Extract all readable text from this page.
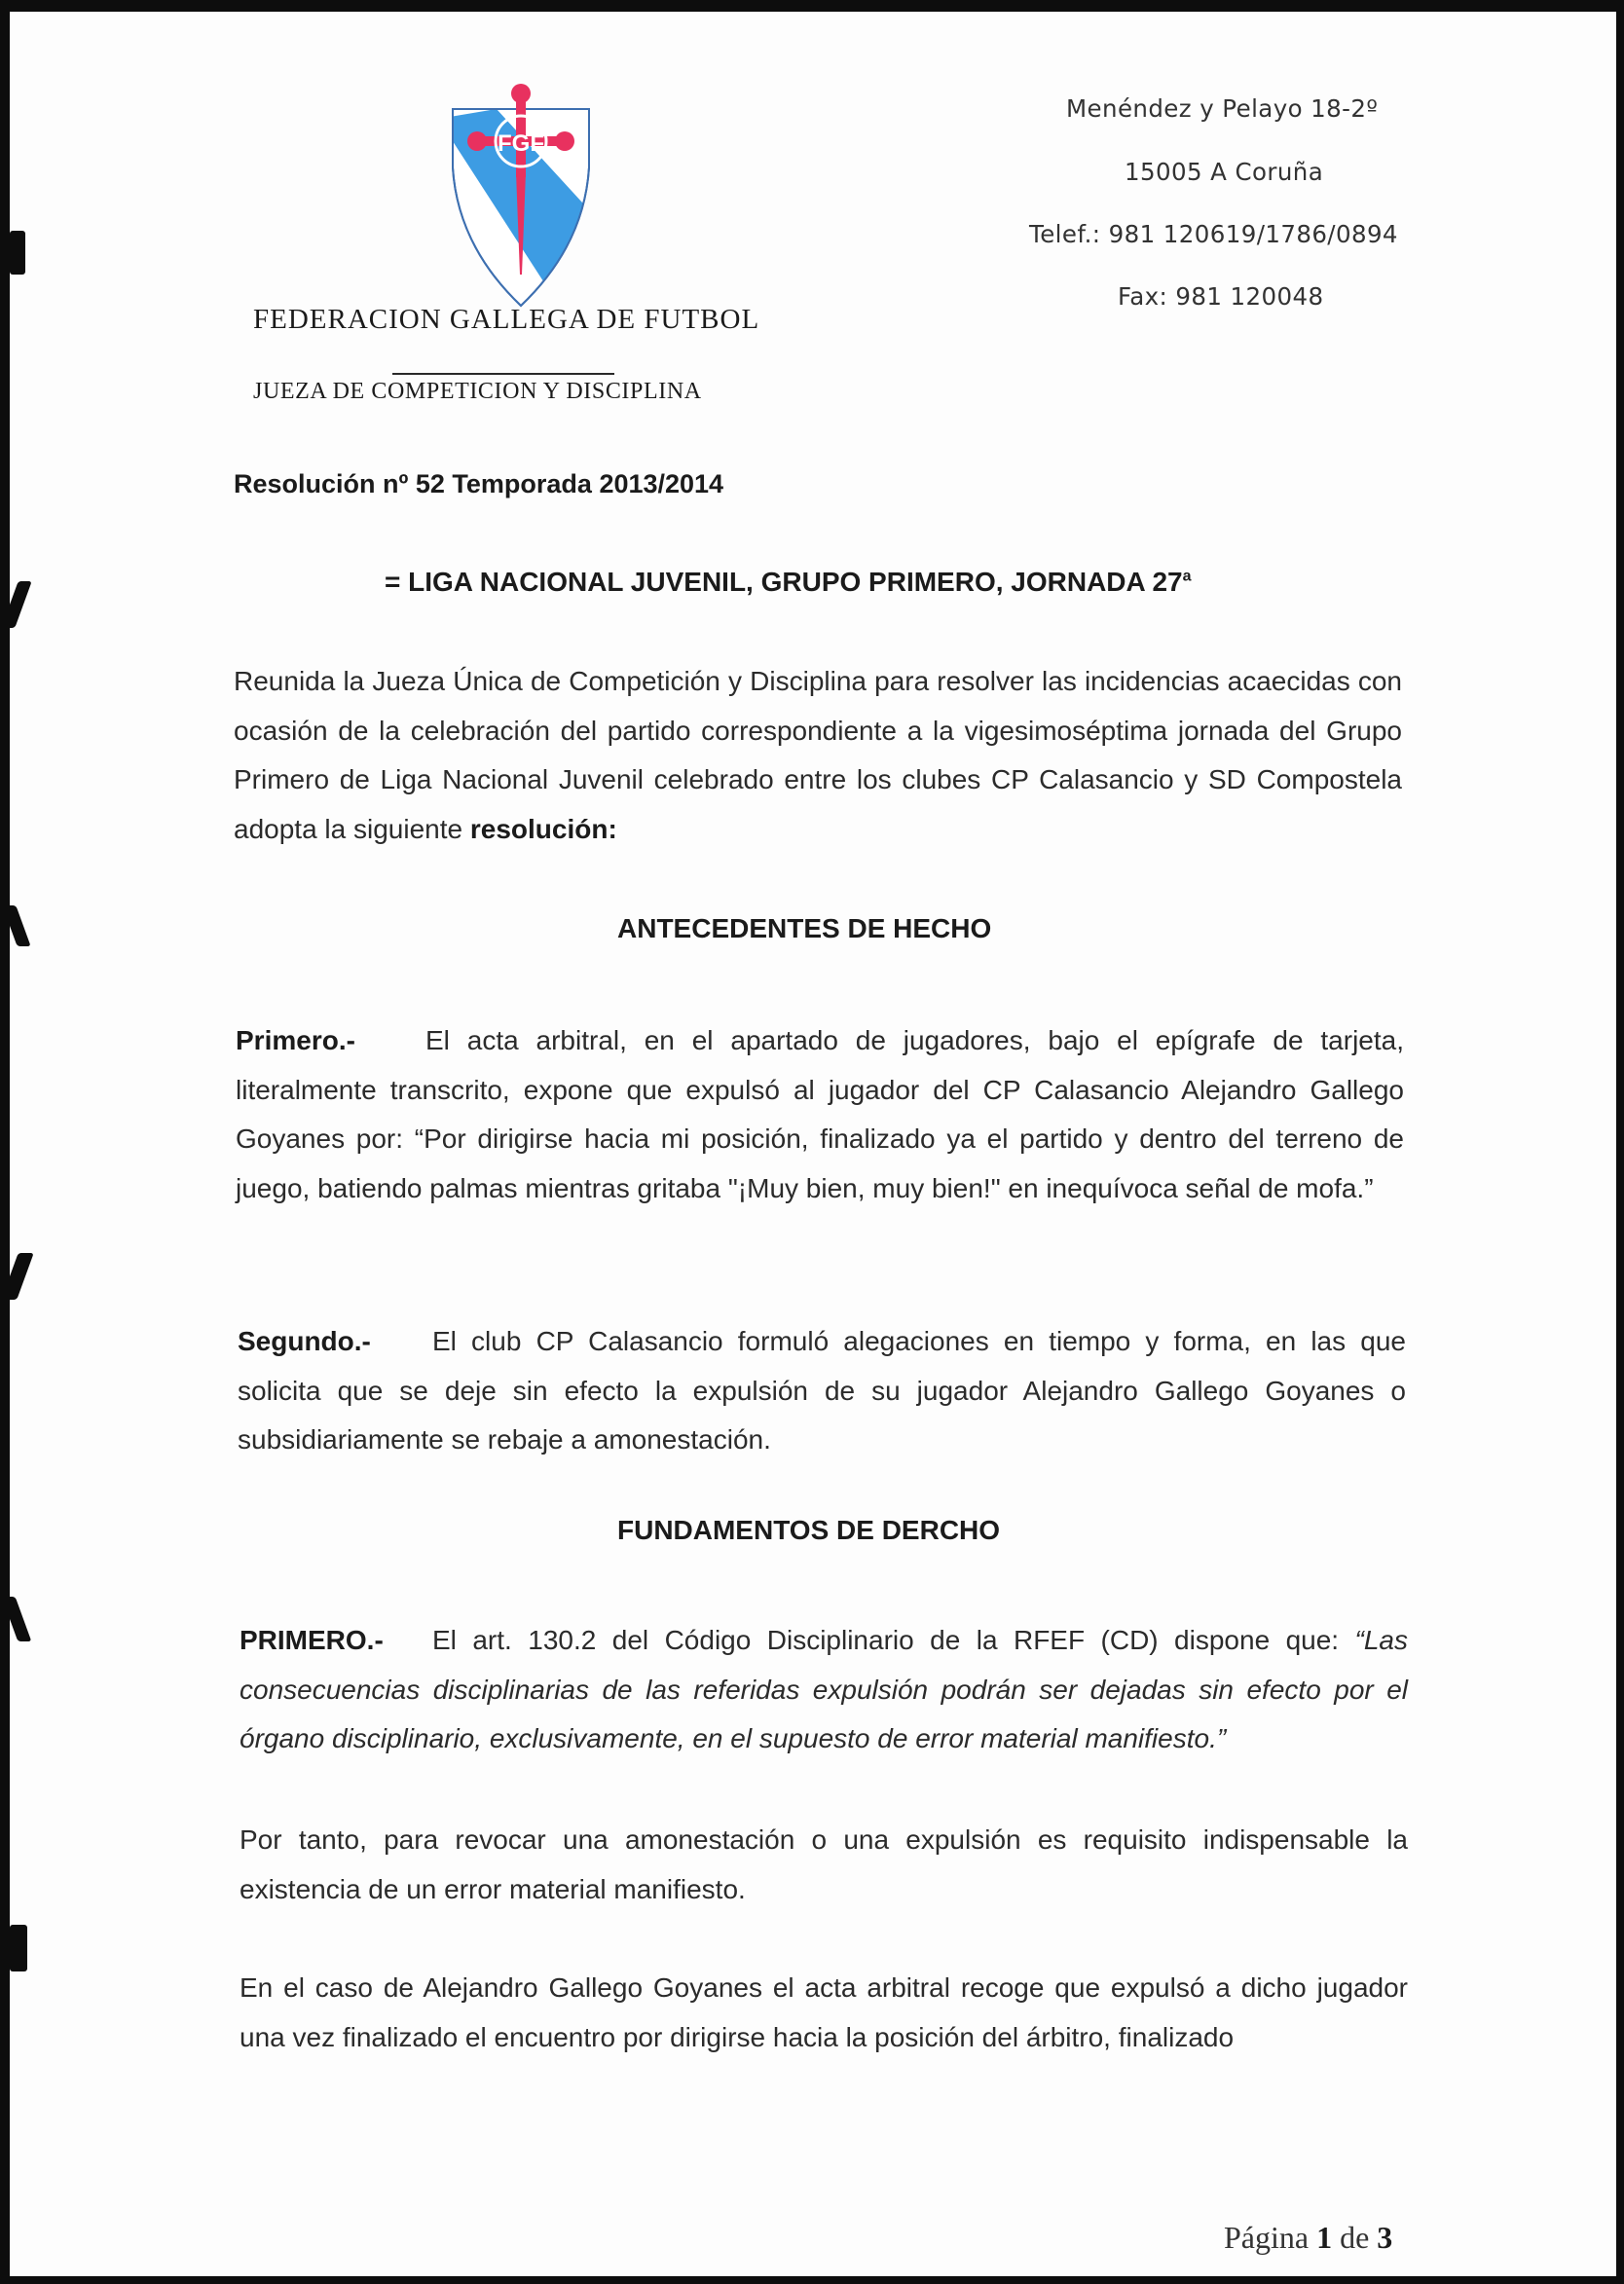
FGF
FEDERACION GALLEGA DE FUTBOL
JUEZA DE COMPETICION Y DISCIPLINA
Menéndez y Pelayo 18-2º
15005 A Coruña
Telef.: 981 120619/1786/0894
Fax: 981 120048
Resolución nº 52 Temporada 2013/2014
= LIGA NACIONAL JUVENIL, GRUPO PRIMERO, JORNADA 27$^a$
Reunida la Jueza Única de Competición y Disciplina para resolver las incidencias acaecidas con ocasión de la celebración del partido correspondiente a la vigesimoséptima jornada del Grupo Primero de Liga Nacional Juvenil celebrado entre los clubes CP Calasancio y SD Compostela adopta la siguiente resolución:
ANTECEDENTES DE HECHO
Primero.-	El acta arbitral, en el apartado de jugadores, bajo el epígrafe de tarjeta, literalmente transcrito, expone que expulsó al jugador del CP Calasancio Alejandro Gallego Goyanes por: “Por dirigirse hacia mi posición, finalizado ya el partido y dentro del terreno de juego, batiendo palmas mientras gritaba "¡Muy bien, muy bien!" en inequívoca señal de mofa.”
Segundo.- El club CP Calasancio formuló alegaciones en tiempo y forma, en las que solicita que se deje sin efecto la expulsión de su jugador Alejandro Gallego Goyanes o subsidiariamente se rebaje a amonestación.
FUNDAMENTOS DE DERCHO
PRIMERO.- El art. 130.2 del Código Disciplinario de la RFEF (CD) dispone que: “Las consecuencias disciplinarias de las referidas expulsión podrán ser dejadas sin efecto por el órgano disciplinario, exclusivamente, en el supuesto de error material manifiesto.”
Por tanto, para revocar una amonestación o una expulsión es requisito indispensable la existencia de un error material manifiesto.
En el caso de Alejandro Gallego Goyanes el acta arbitral recoge que expulsó a dicho jugador una vez finalizado el encuentro por dirigirse hacia la posición del árbitro, finalizado
Página 1 de 3
